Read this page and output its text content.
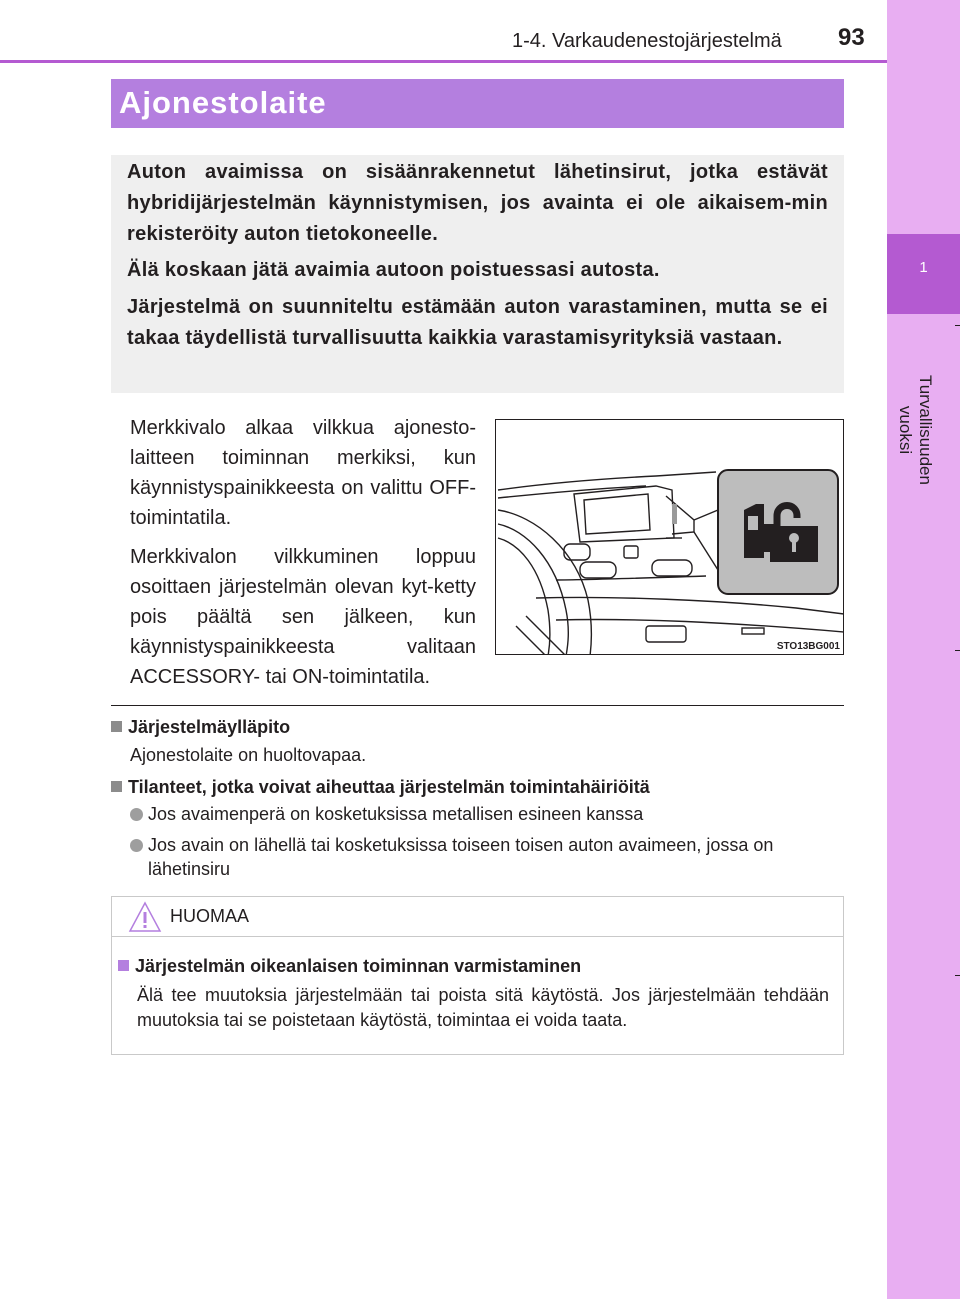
1
Turvallisuuden vuoksi
1-4. Varkaudenestojärjestelmä 93
Ajonestolaite

Auton avaimissa on sisäänrakennetut lähetinsirut, jotka estävät hybridijärjestelmän käynnistymisen, jos avainta ei ole aikaisem-min rekisteröity auton tietokoneelle.

Älä koskaan jätä avaimia autoon poistuessasi autosta.

Järjestelmä on suunniteltu estämään auton varastaminen, mutta se ei takaa täydellistä turvallisuutta kaikkia varastamisyrityksiä vastaan.

Merkkivalo alkaa vilkkua ajonesto-laitteen toiminnan merkiksi, kun käynnistyspainikkeesta on valittu OFF-toimintatila.

Merkkivalon vilkkuminen loppuu osoittaen järjestelmän olevan kyt-ketty pois päältä sen jälkeen, kun käynnistyspainikkeesta valitaan ACCESSORY- tai ON-toimintatila.

STO13BG001
Järjestelmäylläpito
Ajonestolaite on huoltovapaa.
Tilanteet, jotka voivat aiheuttaa järjestelmän toimintahäiriöitä
Jos avaimenperä on kosketuksissa metallisen esineen kanssa
Jos avain on lähellä tai kosketuksissa toiseen toisen auton avaimeen, jossa on lähetinsiru
HUOMAA
Järjestelmän oikeanlaisen toiminnan varmistaminen
Älä tee muutoksia järjestelmään tai poista sitä käytöstä. Jos järjestelmään tehdään muutoksia tai se poistetaan käytöstä, toimintaa ei voida taata.
